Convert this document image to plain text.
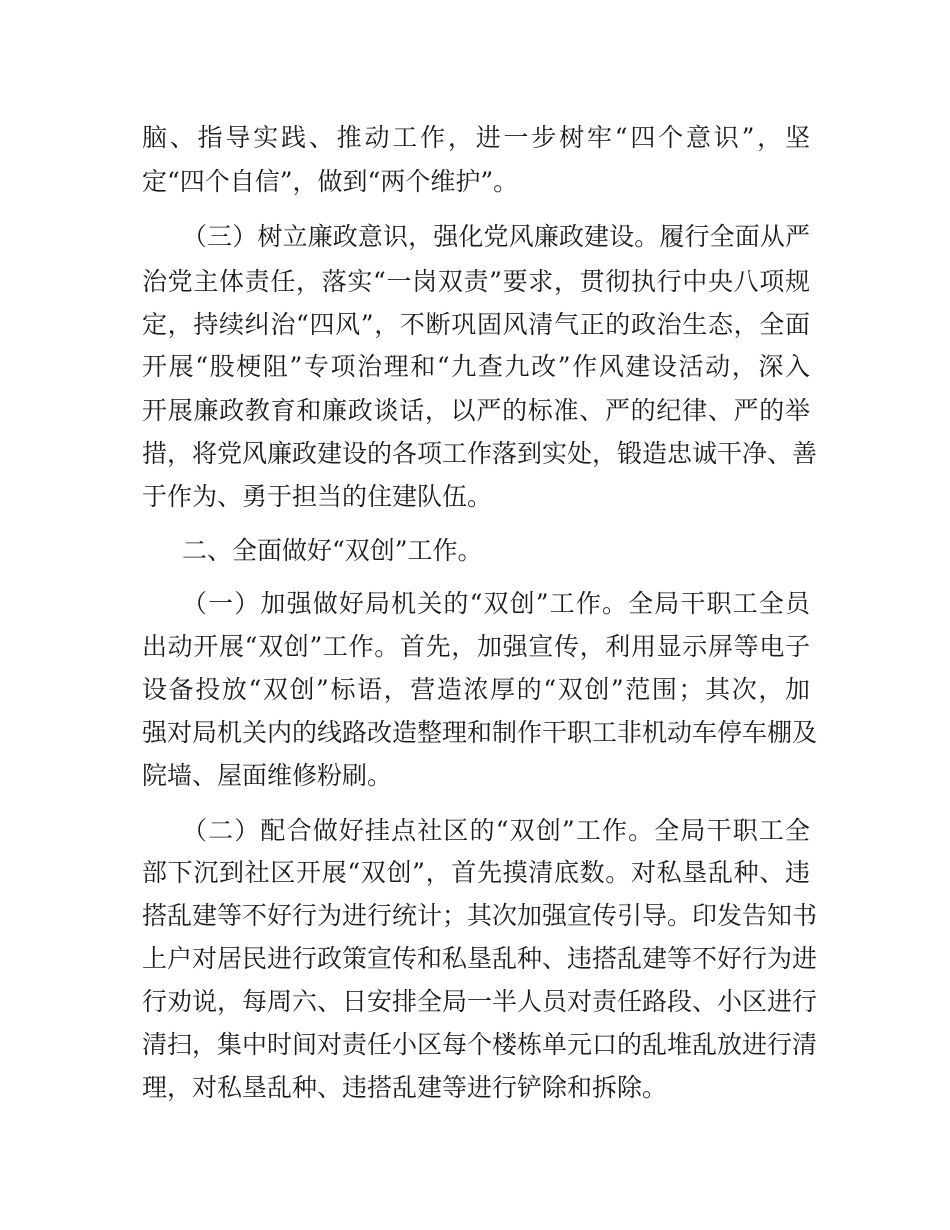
脑、指导实践、推动工作，进一步树牢“四个意识”，坚
定“四个自信”，做到“两个维护”。
（三）树立廉政意识，强化党风廉政建设。履行全面从严
治党主体责任，落实“一岗双责”要求，贯彻执行中央八项规
定，持续纠治“四风”，不断巩固风清气正的政治生态，全面
开展“股梗阻”专项治理和“九查九改”作风建设活动，深入
开展廉政教育和廉政谈话，以严的标准、严的纪律、严的举
措，将党风廉政建设的各项工作落到实处，锻造忠诚干净、善
于作为、勇于担当的住建队伍。
二、全面做好“双创”工作。
（一）加强做好局机关的“双创”工作。全局干职工全员
出动开展“双创”工作。首先，加强宣传，利用显示屏等电子
设备投放“双创”标语，营造浓厚的“双创”范围；其次，加
强对局机关内的线路改造整理和制作干职工非机动车停车棚及
院墙、屋面维修粉刷。
（二）配合做好挂点社区的“双创”工作。全局干职工全
部下沉到社区开展“双创”，首先摸清底数。对私垦乱种、违
搭乱建等不好行为进行统计；其次加强宣传引导。印发告知书
上户对居民进行政策宣传和私垦乱种、违搭乱建等不好行为进
行劝说，每周六、日安排全局一半人员对责任路段、小区进行
清扫，集中时间对责任小区每个楼栋单元口的乱堆乱放进行清
理，对私垦乱种、违搭乱建等进行铲除和拆除。
